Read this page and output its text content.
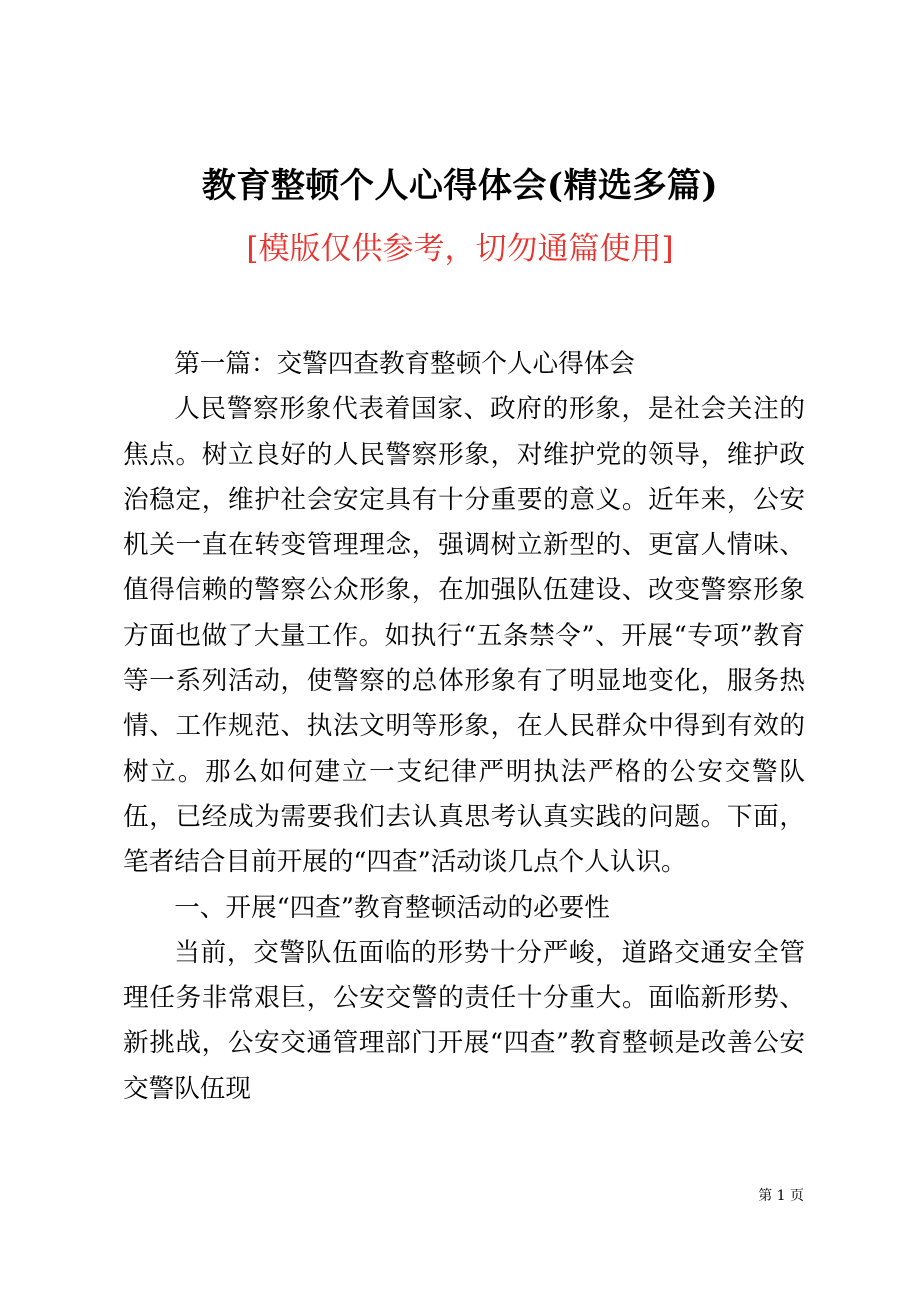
教育整顿个人心得体会(精选多篇)
[模版仅供参考，切勿通篇使用]

第一篇：交警四查教育整顿个人心得体会

人民警察形象代表着国家、政府的形象，是社会关注的焦点。树立良好的人民警察形象，对维护党的领导，维护政治稳定，维护社会安定具有十分重要的意义。近年来，公安机关一直在转变管理理念，强调树立新型的、更富人情味、值得信赖的警察公众形象，在加强队伍建设、改变警察形象方面也做了大量工作。如执行“五条禁令”、开展“专项”教育等一系列活动，使警察的总体形象有了明显地变化，服务热情、工作规范、执法文明等形象，在人民群众中得到有效的树立。那么如何建立一支纪律严明执法严格的公安交警队伍，已经成为需要我们去认真思考认真实践的问题。下面，笔者结合目前开展的“四查”活动谈几点个人认识。

一、开展“四查”教育整顿活动的必要性

当前，交警队伍面临的形势十分严峻，道路交通安全管理任务非常艰巨，公安交警的责任十分重大。面临新形势、新挑战，公安交通管理部门开展“四查”教育整顿是改善公安交警队伍现

第 1 页
